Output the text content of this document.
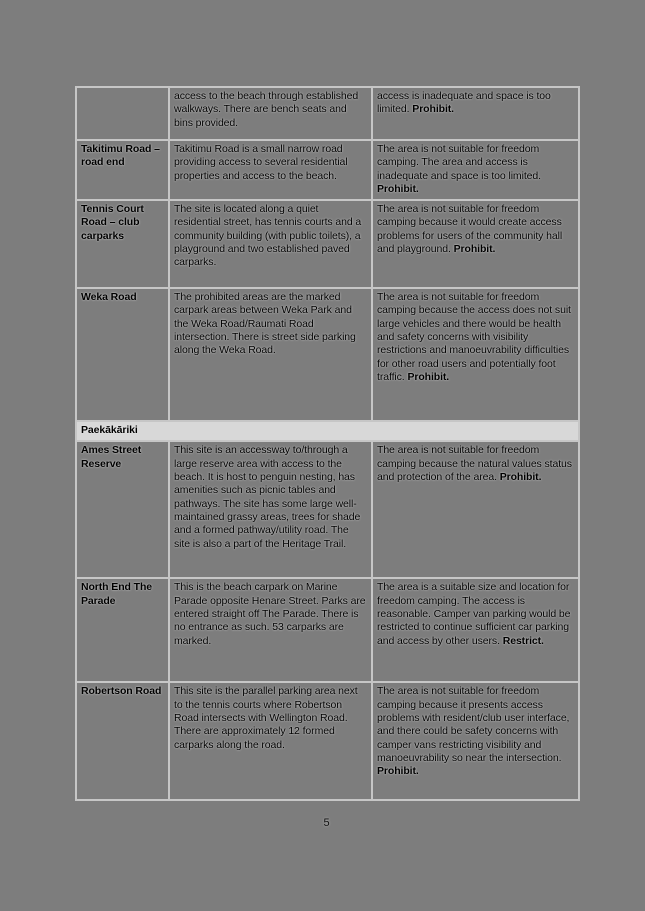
	access to the beach through established walkways. There are bench seats and bins provided.	access is inadequate and space is too limited. Prohibit.
Takitimu Road – road end	Takitimu Road is a small narrow road providing access to several residential properties and access to the beach.	The area is not suitable for freedom camping. The area and access is inadequate and space is too limited. Prohibit.
Tennis Court Road – club carparks	The site is located along a quiet residential street, has tennis courts and a community building (with public toilets), a playground and two established paved carparks.	The area is not suitable for freedom camping because it would create access problems for users of the community hall and playground. Prohibit.
Weka Road	The prohibited areas are the marked carpark areas between Weka Park and the Weka Road/Raumati Road intersection. There is street side parking along the Weka Road.	The area is not suitable for freedom camping because the access does not suit large vehicles and there would be health and safety concerns with visibility restrictions and manoeuvrability difficulties for other road users and potentially foot traffic. Prohibit.
Paekākāriki		
Ames Street Reserve	This site is an accessway to/through a large reserve area with access to the beach. It is host to penguin nesting, has amenities such as picnic tables and pathways. The site has some large well-maintained grassy areas, trees for shade and a formed pathway/utility road. The site is also a part of the Heritage Trail.	The area is not suitable for freedom camping because the natural values status and protection of the area. Prohibit.
North End The Parade	This is the beach carpark on Marine Parade opposite Henare Street. Parks are entered straight off The Parade. There is no entrance as such. 53 carparks are marked.	The area is a suitable size and location for freedom camping. The access is reasonable. Camper van parking would be restricted to continue sufficient car parking and access by other users. Restrict.
Robertson Road	This site is the parallel parking area next to the tennis courts where Robertson Road intersects with Wellington Road. There are approximately 12 formed carparks along the road.	The area is not suitable for freedom camping because it presents access problems with resident/club user interface, and there could be safety concerns with camper vans restricting visibility and manoeuvrability so near the intersection. Prohibit.
5
